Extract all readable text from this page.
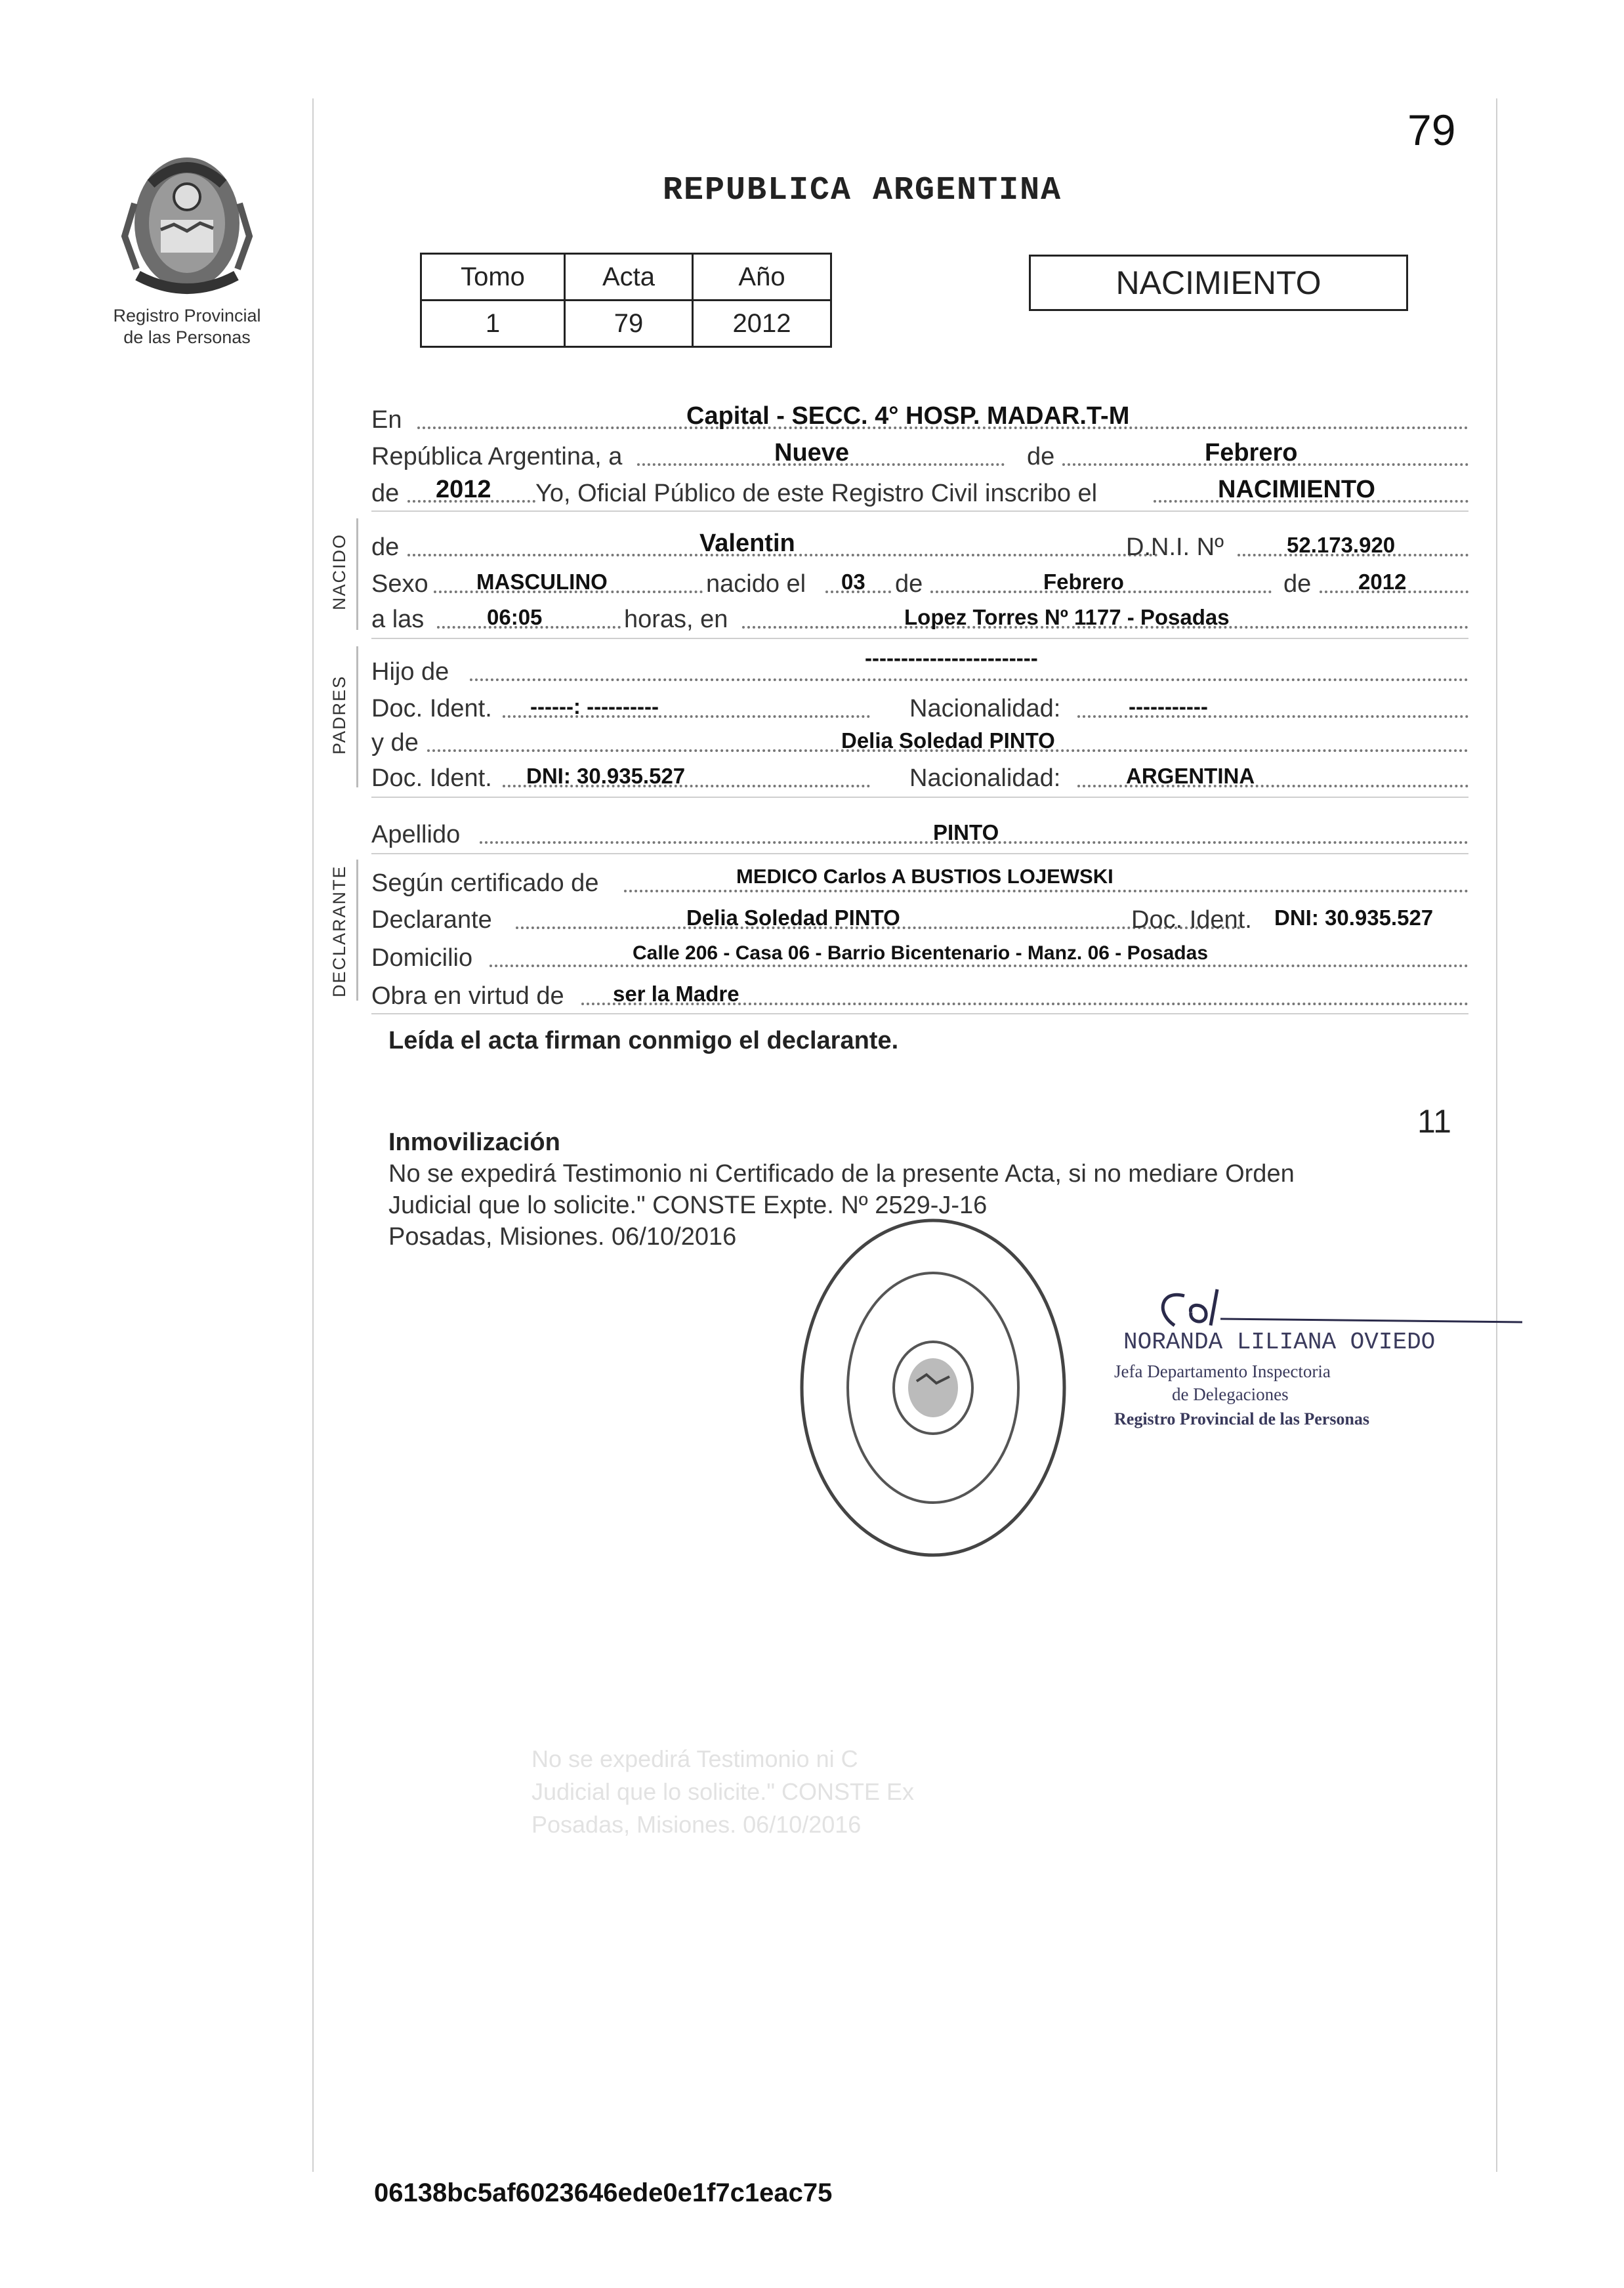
Registro Provincial
de las Personas
79
REPUBLICA ARGENTINA
Tomo	Acta	Año
1	79	2012
NACIMIENTO
NACIDO
PADRES
DECLARANTE
En	Capital - SECC. 4° HOSP. MADAR.T-M
República Argentina, a	Nueve	de	Febrero
de 2012 Yo, Oficial Público de este Registro Civil inscribo el	NACIMIENTO
de	Valentin	D.N.I. Nº	52.173.920
Sexo MASCULINO	nacido el 03 de	Febrero	de 2012
a las	06:05	horas, en	Lopez Torres Nº 1177 - Posadas
Hijo de
------------------------
Doc. Ident. ------: ----------	Nacionalidad:	-----------
y de	Delia Soledad PINTO
Doc. Ident. DNI: 30.935.527	Nacionalidad:	ARGENTINA
Apellido	PINTO
Según certificado de	MEDICO Carlos A BUSTIOS LOJEWSKI
Declarante	Delia Soledad PINTO	Doc. Ident. DNI: 30.935.527
Domicilio	Calle 206 - Casa 06 - Barrio Bicentenario - Manz. 06 - Posadas
Obra en virtud de ser la Madre
Leída el acta firman conmigo el declarante.
11
Inmovilización
No se expedirá Testimonio ni Certificado de la presente Acta, si no mediare Orden
Judicial que lo solicite." CONSTE Expte. Nº 2529-J-16
Posadas, Misiones. 06/10/2016
NORANDA LILIANA OVIEDO
Jefa Departamento Inspectoria
de Delegaciones
Registro Provincial de las Personas
No se expedirá Testimonio ni C
Judicial que lo solicite." CONSTE Ex
Posadas, Misiones. 06/10/2016
06138bc5af6023646ede0e1f7c1eac75
